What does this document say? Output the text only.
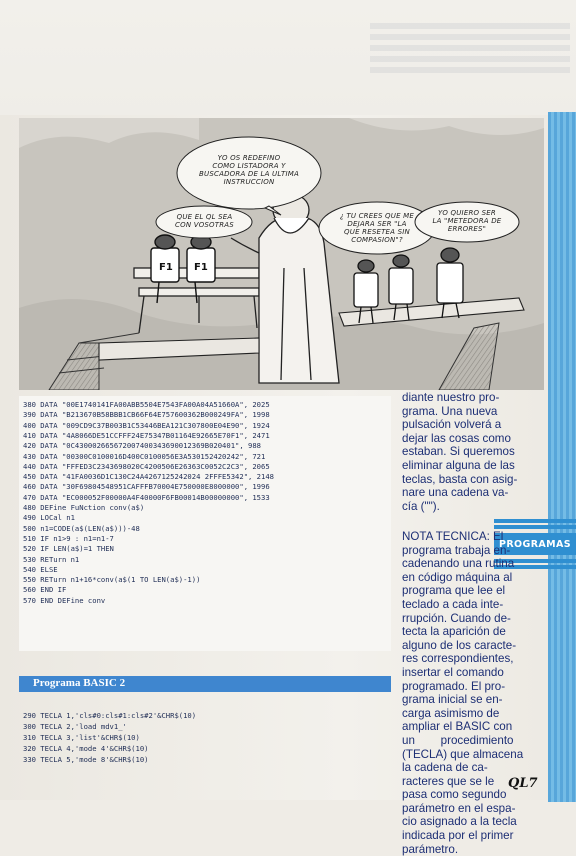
F1 F1
YO OS REDEFINO
COMO LISTADORA Y
BUSCADORA DE LA ULTIMA
INSTRUCCION
QUE EL QL SEA
CON VOSOTRAS
¿ TU CREES QUE ME
DEJARA SER "LA
QUE RESETEA SIN
COMPASION"?
YO QUIERO SER
LA "METEDORA DE
ERRORES"
PROGRAMAS
380 DATA "00E1740141FA00ABB5504E7543FA00A04A51660A", 2025
390 DATA "B213670B58BBB1CB66F64E757600362B000249FA", 1998
400 DATA "009CD9C37B003B1C53446BEA121C307800E04E90", 1924
410 DATA "4A8066DE51CCFFF24E75347B01164E92665E70F1", 2471
420 DATA "0C430002665672007400343690012369B020401", 988
430 DATA "00300C0100016D400C0100056E3A530152420242", 721
440 DATA "FFFED3C2343698020C4200506E26363C0052C2C3", 2065
450 DATA "41FA0036D1C130C24A4267125242024 2FFFE5342", 2148
460 DATA "30F69804548951CAFFFB70004E750000E8000000", 1996
470 DATA "EC000052F00000A4F40000F6FB00014B00000000", 1533
480 DEFine FuNction conv(a$)
490 LOCal n1
500 n1=CODE(a$(LEN(a$)))-48
510 IF n1>9 : n1=n1-7
520 IF LEN(a$)=1 THEN
530 RETurn n1
540 ELSE
550 RETurn n1+16*conv(a$(1 TO LEN(a$)-1))
560 END IF
570 END DEFine conv
Programa BASIC 2
290 TECLA 1,'cls#0:cls#1:cls#2'&CHR$(10)
300 TECLA 2,'load mdv1_'
310 TECLA 3,'list'&CHR$(10)
320 TECLA 4,'mode 4'&CHR$(10)
330 TECLA 5,'mode 8'&CHR$(10)
diante nuestro pro-
grama. Una nueva
pulsación volverá a
dejar las cosas como
estaban. Si queremos
eliminar alguna de las
teclas, basta con asig-
nare una cadena va-
cía ("").
NOTA TECNICA: El
programa trabaja en-
cadenando una rutina
en código máquina al
programa que lee el
teclado a cada inte-
rrupción. Cuando de-
tecta la aparición de
alguno de los caracte-
res correspondientes,
insertar el comando
programado. El pro-
grama inicial se en-
carga asimismo de
ampliar el BASIC con
un        procedimiento
(TECLA) que almacena
la cadena de ca-
racteres que se le
pasa como segundo
parámetro en el espa-
cio asignado a la tecla
indicada por el primer
parámetro.
QL7
